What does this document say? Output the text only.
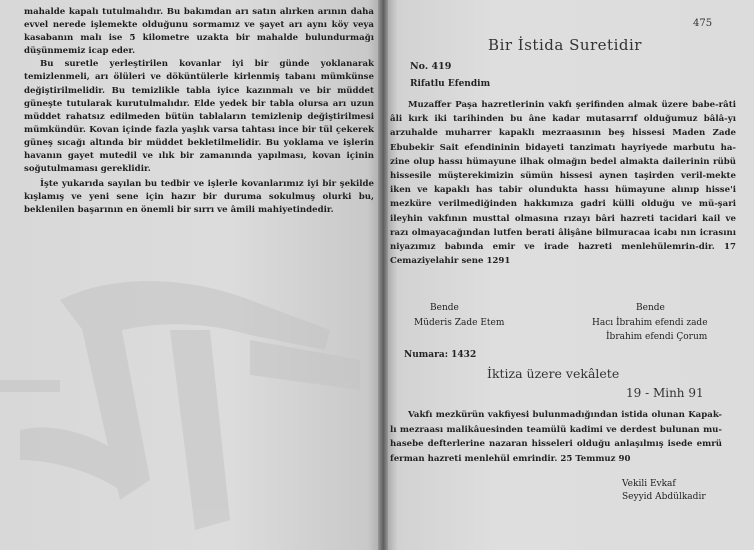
mahalde kapalı tutulmalıdır. Bu bakımdan arı satın alırken arının daha evvel nerede işlemekte olduğunu sormamız ve şayet arı aynı köy veya kasabanın malı ise 5 kilometre uzakta bir mahalde bulundurmağı düşünmemiz icap eder.

Bu suretle yerleştirilen kovanlar iyi bir günde yoklanarak temizlenmeli, arı ölüleri ve döküntülerle kirlenmiş tabanı mümkünse değiştirilmelidir. Bu temizlikle tabla iyice kazınmalı ve bir müddet güneşte tutularak kurutulmalıdır. Elde yedek bir tabla olursa arı uzun müddet rahatsız edilmeden bütün tablaların temizlenip değiştirilmesi mümkündür. Kovan içinde fazla yaşlık varsa tahtası ince bir tül çekerek güneş sıcağı altında bir müddet bekletilmelidir. Bu yoklama ve işlerin havanın gayet mutedil ve ılık bir zamanında yapılması, kovan içinin soğutulmaması gereklidir.

İşte yukarıda sayılan bu tedbir ve işlerle kovanlarımız iyi bir şekilde kışlamış ve yeni sene için hazır bir duruma sokulmuş olurki bu, beklenilen başarının en önemli bir sırrı ve âmili mahiyetindedir.

475
Bir İstida Suretidir
No. 419
Rifatlu Efendim

Muzaffer Paşa hazretlerinin vakfı şerifinden almak üzere babe-râti âli kırk iki tarihinden bu âne kadar mutasarrıf olduğumuz bâlâ-yı arzuhalde muharrer kapaklı mezraasının beş hissesi Maden Zade Ebubekir Sait efendininin bidayeti tanzimatı hayriyede marbutu ha-zine olup hassı hümayune ilhak olmağın bedel almakta dailerinin rübü hissesile müşterekimizin sümün hissesi aynen taşirden veril-mekte iken ve kapaklı has tabir olundukta hassı hümayune alınıp hisse'i mezküre verilmediğinden hakkımıza gadri külli olduğu ve mü-şari ileyhin vakfının musttal olmasına rızayı bâri hazreti tacidari kail ve razı olmayacağından lutfen berati âlişâne bilmuracaa icabı nın icrasını niyazımız babında emir ve irade hazreti menlehülemrin-dir. 17 Cemaziyelahir sene 1291

Bende
Müderis Zade Etem
Bende
Hacı İbrahim efendi zade
İbrahim efendi Çorum
Numara: 1432
İktiza üzere vekâlete
19 - Minh 91

Vakfı mezkürün vakfiyesi bulunmadığından istida olunan Kapak-lı mezraası malikâuesinden teamülü kadimi ve derdest bulunan mu-hasebe defterlerine nazaran hisseleri olduğu anlaşılmış isede emrü ferman hazreti menlehül emrindir. 25 Temmuz 90

Vekili Evkaf
Seyyid Abdülkadir
